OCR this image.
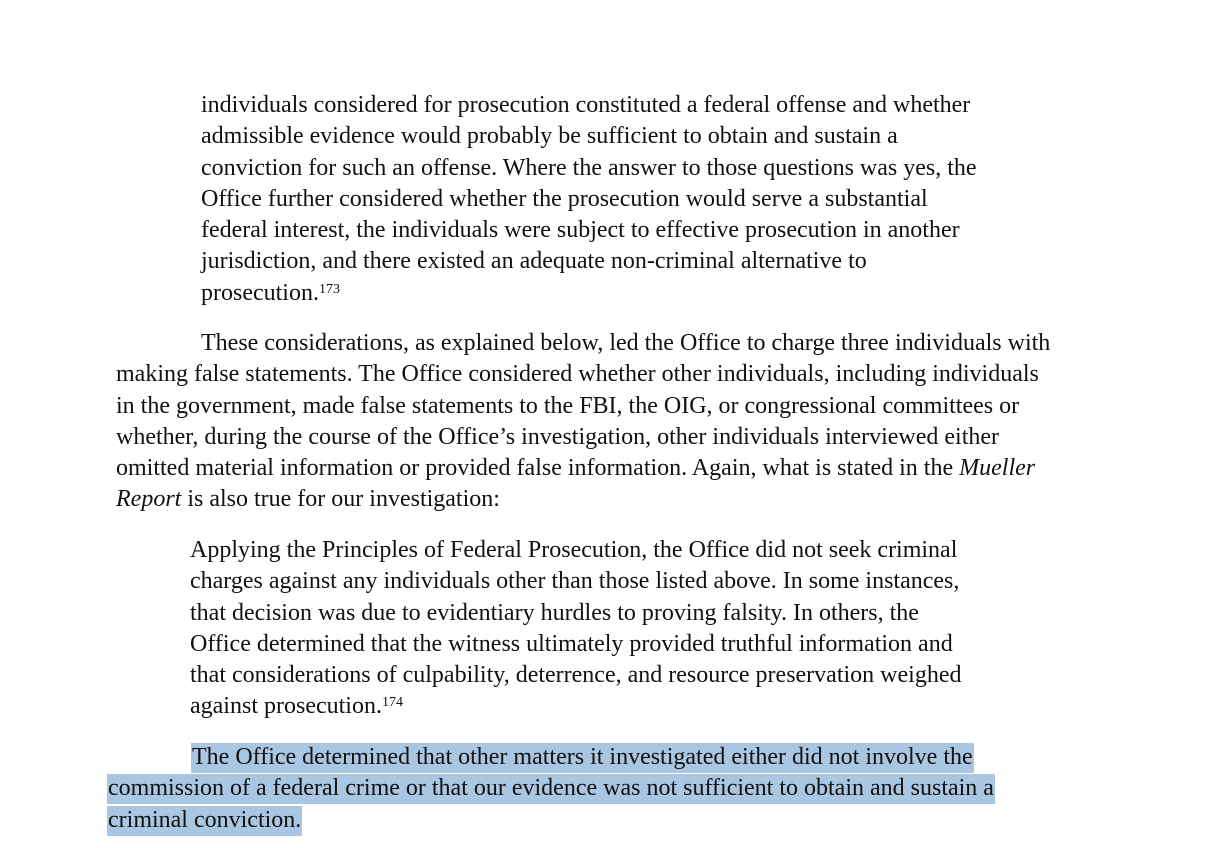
individuals considered for prosecution constituted a federal offense and whether
admissible evidence would probably be sufficient to obtain and sustain a
conviction for such an offense. Where the answer to those questions was yes, the
Office further considered whether the prosecution would serve a substantial
federal interest, the individuals were subject to effective prosecution in another
jurisdiction, and there existed an adequate non-criminal alternative to
prosecution.$^{173}$
These considerations, as explained below, led the Office to charge three individuals with
making false statements. The Office considered whether other individuals, including individuals
in the government, made false statements to the FBI, the OIG, or congressional committees or
whether, during the course of the Office’s investigation, other individuals interviewed either
omitted material information or provided false information. Again, what is stated in the Mueller
Report is also true for our investigation:
Applying the Principles of Federal Prosecution, the Office did not seek criminal
charges against any individuals other than those listed above. In some instances,
that decision was due to evidentiary hurdles to proving falsity. In others, the
Office determined that the witness ultimately provided truthful information and
that considerations of culpability, deterrence, and resource preservation weighed
against prosecution.$^{174}$
The Office determined that other matters it investigated either did not involve the
commission of a federal crime or that our evidence was not sufficient to obtain and sustain a
criminal conviction.
